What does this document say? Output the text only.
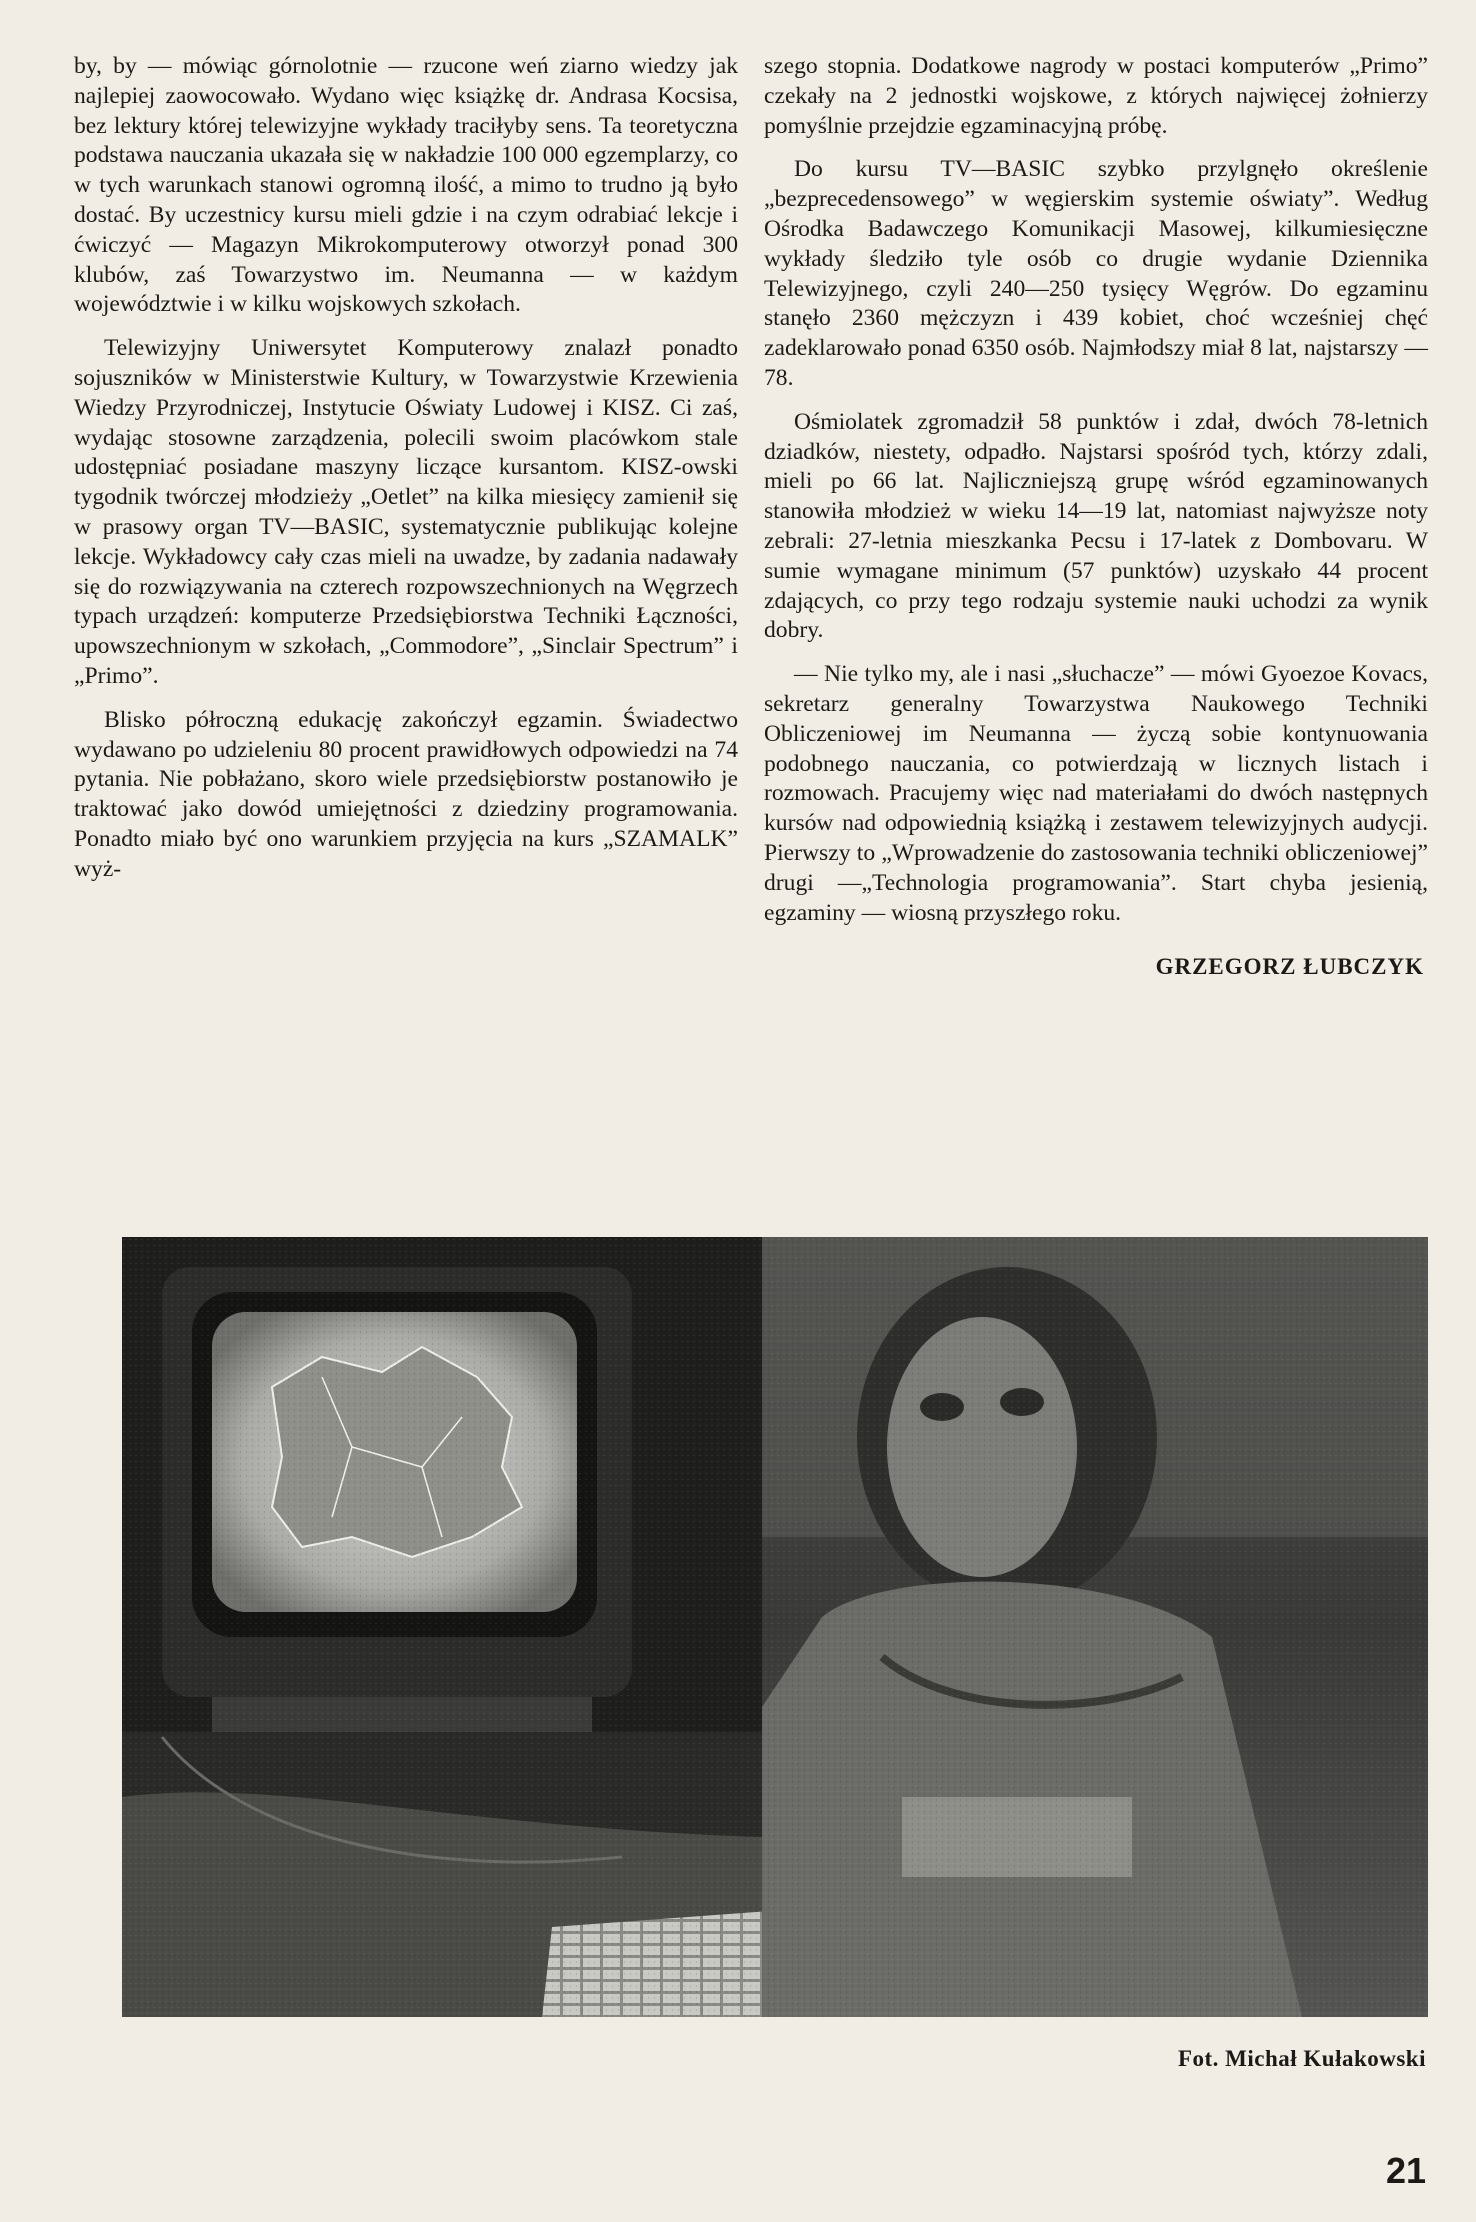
by, by — mówiąc górnolotnie — rzucone weń ziarno wiedzy jak najlepiej zaowocowało. Wydano więc książkę dr. Andrasa Kocsisa, bez lektury której telewizyjne wykłady traciłyby sens. Ta teoretyczna podstawa nauczania ukazała się w nakładzie 100 000 egzemplarzy, co w tych warunkach stanowi ogromną ilość, a mimo to trudno ją było dostać. By uczestnicy kursu mieli gdzie i na czym odrabiać lekcje i ćwiczyć — Magazyn Mikrokomputerowy otworzył ponad 300 klubów, zaś Towarzystwo im. Neumanna — w każdym województwie i w kilku wojskowych szkołach.

Telewizyjny Uniwersytet Komputerowy znalazł ponadto sojuszników w Ministerstwie Kultury, w Towarzystwie Krzewienia Wiedzy Przyrodniczej, Instytucie Oświaty Ludowej i KISZ. Ci zaś, wydając stosowne zarządzenia, polecili swoim placówkom stale udostępniać posiadane maszyny liczące kursantom. KISZ-owski tygodnik twórczej młodzieży „Oetlet” na kilka miesięcy zamienił się w prasowy organ TV—BASIC, systematycznie publikując kolejne lekcje. Wykładowcy cały czas mieli na uwadze, by zadania nadawały się do rozwiązywania na czterech rozpowszechnionych na Węgrzech typach urządzeń: komputerze Przedsiębiorstwa Techniki Łączności, upowszechnionym w szkołach, „Commodore”, „Sinclair Spectrum” i „Primo”.

Blisko półroczną edukację zakończył egzamin. Świadectwo wydawano po udzieleniu 80 procent prawidłowych odpowiedzi na 74 pytania. Nie pobłażano, skoro wiele przedsiębiorstw postanowiło je traktować jako dowód umiejętności z dziedziny programowania. Ponadto miało być ono warunkiem przyjęcia na kurs „SZAMALK” wyż-

szego stopnia. Dodatkowe nagrody w postaci komputerów „Primo” czekały na 2 jednostki wojskowe, z których najwięcej żołnierzy pomyślnie przejdzie egzaminacyjną próbę.

Do kursu TV—BASIC szybko przylgnęło określenie „bezprecedensowego” w węgierskim systemie oświaty”. Według Ośrodka Badawczego Komunikacji Masowej, kilkumiesięczne wykłady śledziło tyle osób co drugie wydanie Dziennika Telewizyjnego, czyli 240—250 tysięcy Węgrów. Do egzaminu stanęło 2360 mężczyzn i 439 kobiet, choć wcześniej chęć zadeklarowało ponad 6350 osób. Najmłodszy miał 8 lat, najstarszy — 78.

Ośmiolatek zgromadził 58 punktów i zdał, dwóch 78-letnich dziadków, niestety, odpadło. Najstarsi spośród tych, którzy zdali, mieli po 66 lat. Najliczniejszą grupę wśród egzaminowanych stanowiła młodzież w wieku 14—19 lat, natomiast najwyższe noty zebrali: 27-letnia mieszkanka Pecsu i 17-latek z Dombovaru. W sumie wymagane minimum (57 punktów) uzyskało 44 procent zdających, co przy tego rodzaju systemie nauki uchodzi za wynik dobry.

— Nie tylko my, ale i nasi „słuchacze” — mówi Gyoezoe Kovacs, sekretarz generalny Towarzystwa Naukowego Techniki Obliczeniowej im Neumanna — życzą sobie kontynuowania podobnego nauczania, co potwierdzają w licznych listach i rozmowach. Pracujemy więc nad materiałami do dwóch następnych kursów nad odpowiednią książką i zestawem telewizyjnych audycji. Pierwszy to „Wprowadzenie do zastosowania techniki obliczeniowej” drugi —„Technologia programowania”. Start chyba jesienią, egzaminy — wiosną przyszłego roku.

GRZEGORZ ŁUBCZYK
Fot. Michał Kułakowski
21
